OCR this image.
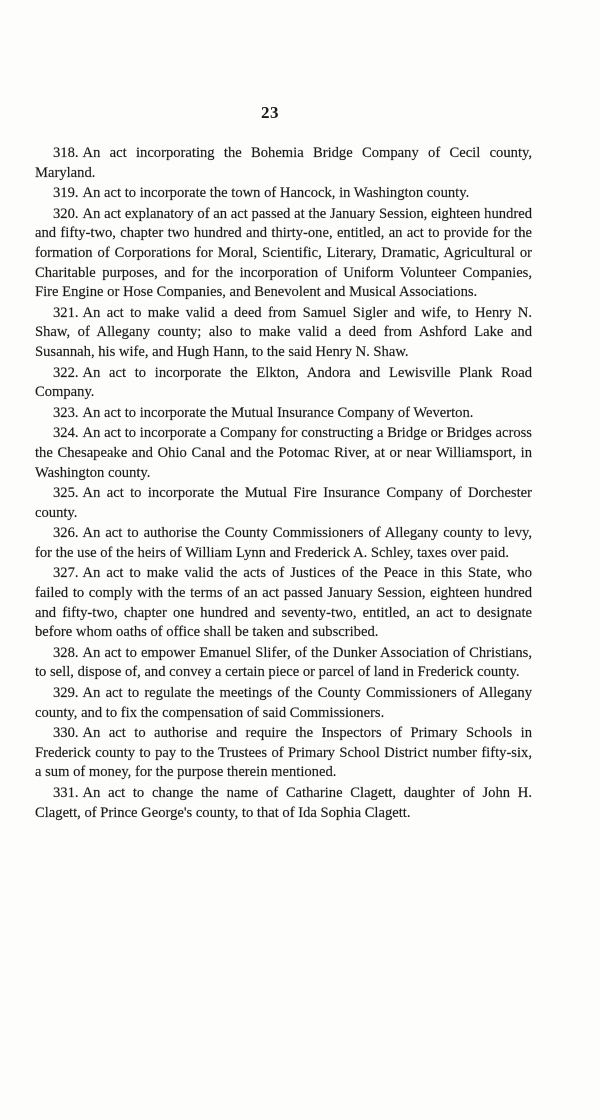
23

318. An act incorporating the Bohemia Bridge Company of Cecil county, Maryland.

319. An act to incorporate the town of Hancock, in Washington county.

320. An act explanatory of an act passed at the January Session, eighteen hundred and fifty-two, chapter two hundred and thirty-one, entitled, an act to provide for the formation of Corporations for Moral, Scientific, Literary, Dramatic, Agricultural or Charitable purposes, and for the incorporation of Uniform Volunteer Companies, Fire Engine or Hose Companies, and Benevolent and Musical Associations.

321. An act to make valid a deed from Samuel Sigler and wife, to Henry N. Shaw, of Allegany county; also to make valid a deed from Ashford Lake and Susannah, his wife, and Hugh Hann, to the said Henry N. Shaw.

322. An act to incorporate the Elkton, Andora and Lewisville Plank Road Company.

323. An act to incorporate the Mutual Insurance Company of Weverton.

324. An act to incorporate a Company for constructing a Bridge or Bridges across the Chesapeake and Ohio Canal and the Potomac River, at or near Williamsport, in Washington county.

325. An act to incorporate the Mutual Fire Insurance Company of Dorchester county.

326. An act to authorise the County Commissioners of Allegany county to levy, for the use of the heirs of William Lynn and Frederick A. Schley, taxes over paid.

327. An act to make valid the acts of Justices of the Peace in this State, who failed to comply with the terms of an act passed January Session, eighteen hundred and fifty-two, chapter one hundred and seventy-two, entitled, an act to designate before whom oaths of office shall be taken and subscribed.

328. An act to empower Emanuel Slifer, of the Dunker Association of Christians, to sell, dispose of, and convey a certain piece or parcel of land in Frederick county.

329. An act to regulate the meetings of the County Commissioners of Allegany county, and to fix the compensation of said Commissioners.

330. An act to authorise and require the Inspectors of Primary Schools in Frederick county to pay to the Trustees of Primary School District number fifty-six, a sum of money, for the purpose therein mentioned.

331. An act to change the name of Catharine Clagett, daughter of John H. Clagett, of Prince George's county, to that of Ida Sophia Clagett.
